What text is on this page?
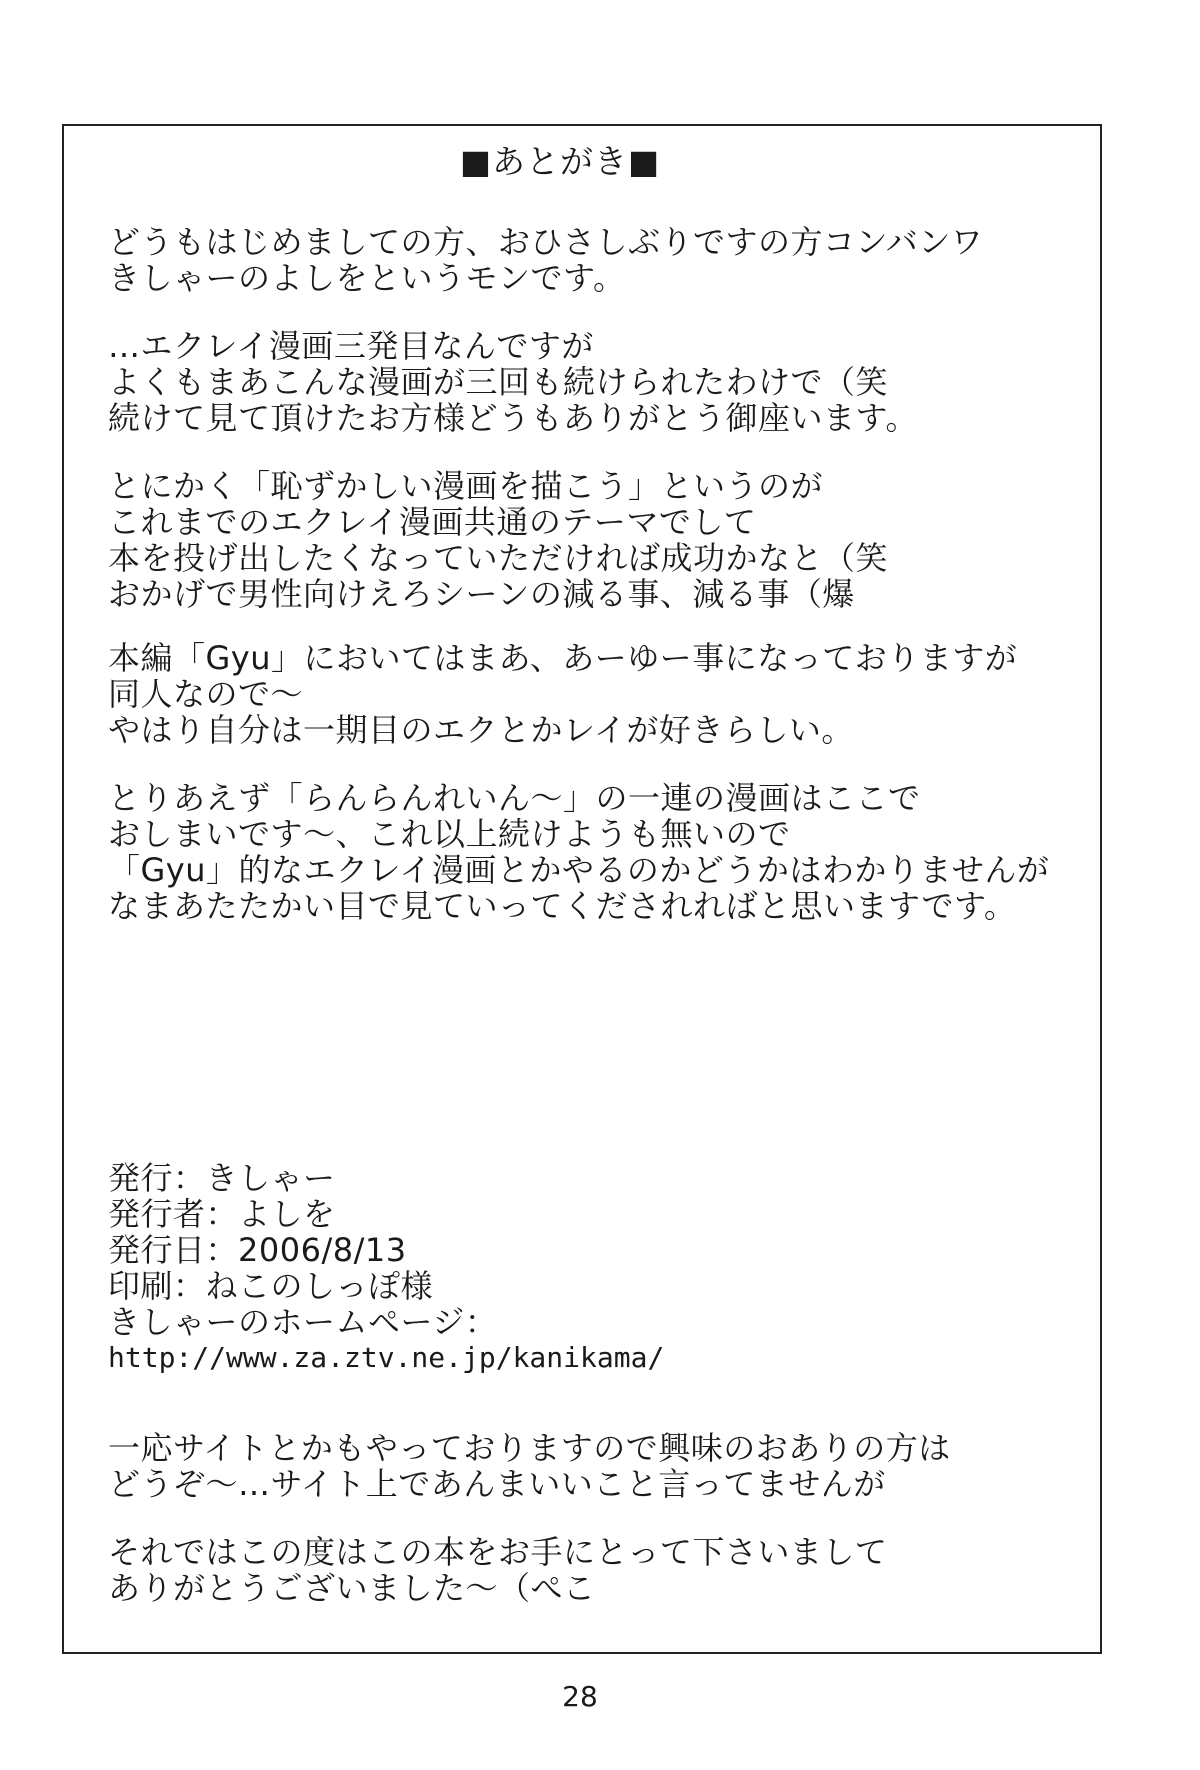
■あとがき■
どうもはじめましての方、おひさしぶりですの方コンバンワ
きしゃーのよしをというモンです。
…エクレイ漫画三発目なんですが
よくもまあこんな漫画が三回も続けられたわけで（笑
続けて見て頂けたお方様どうもありがとう御座います。
とにかく「恥ずかしい漫画を描こう」というのが
これまでのエクレイ漫画共通のテーマでして
本を投げ出したくなっていただければ成功かなと（笑
おかげで男性向けえろシーンの減る事、減る事（爆
本編「Gyu」においてはまあ、あーゆー事になっておりますが
同人なので～
やはり自分は一期目のエクとかレイが好きらしい。
とりあえず「らんらんれいん～」の一連の漫画はここで
おしまいです～、これ以上続けようも無いので
「Gyu」的なエクレイ漫画とかやるのかどうかはわかりませんが
なまあたたかい目で見ていってくだされればと思いますです。
発行：きしゃー
発行者：よしを
発行日：2006/8/13
印刷：ねこのしっぽ様
きしゃーのホームページ：
http://www.za.ztv.ne.jp/kanikama/
一応サイトとかもやっておりますので興味のおありの方は
どうぞ～…サイト上であんまいいこと言ってませんが
それではこの度はこの本をお手にとって下さいまして
ありがとうございました～（ぺこ
28
